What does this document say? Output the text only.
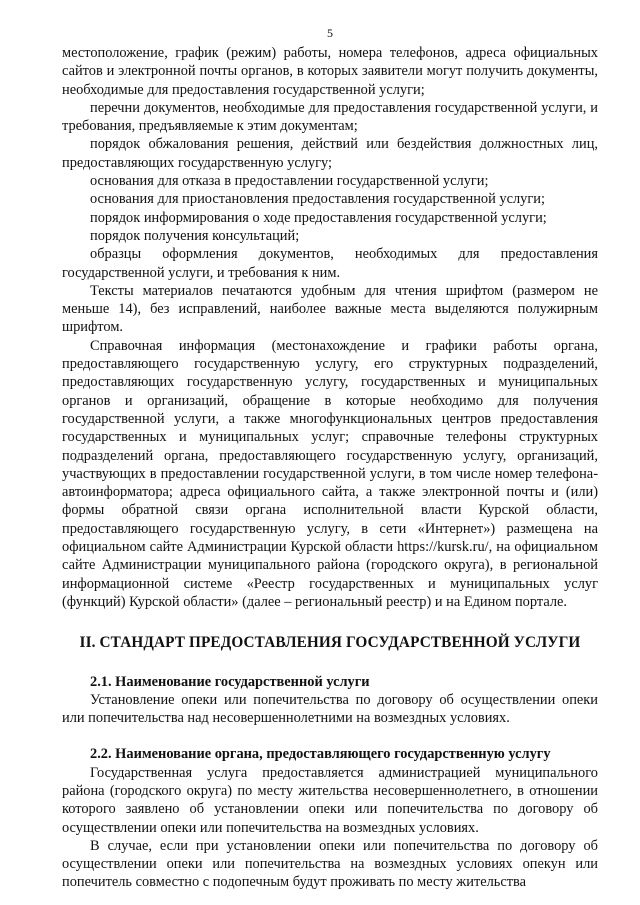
5

местоположение, график (режим) работы, номера телефонов, адреса официальных сайтов и электронной почты органов, в которых заявители могут получить документы, необходимые для предоставления государственной услуги;

перечни документов, необходимые для предоставления государственной услуги, и требования, предъявляемые к этим документам;

порядок обжалования решения, действий или бездействия должностных лиц, предоставляющих государственную услугу;

основания для отказа в предоставлении государственной услуги;

основания для приостановления предоставления государственной услуги;

порядок информирования о ходе предоставления государственной услуги;

порядок получения консультаций;

образцы оформления документов, необходимых для предоставления государственной услуги, и требования к ним.

Тексты материалов печатаются удобным для чтения шрифтом (размером не меньше 14), без исправлений, наиболее важные места выделяются полужирным шрифтом.

Справочная информация (местонахождение и графики работы органа, предоставляющего государственную услугу, его структурных подразделений, предоставляющих государственную услугу, государственных и муниципальных органов и организаций, обращение в которые необходимо для получения государственной услуги, а также многофункциональных центров предоставления государственных и муниципальных услуг; справочные телефоны структурных подразделений органа, предоставляющего государственную услугу, организаций, участвующих в предоставлении государственной услуги, в том числе номер телефона-автоинформатора; адреса официального сайта, а также электронной почты и (или) формы обратной связи органа исполнительной власти Курской области, предоставляющего государственную услугу, в сети «Интернет») размещена на официальном сайте Администрации Курской области https://kursk.ru/, на официальном сайте Администрации муниципального района (городского округа), в региональной информационной системе «Реестр государственных и муниципальных услуг (функций) Курской области» (далее – региональный реестр) и на Едином портале.

II. СТАНДАРТ ПРЕДОСТАВЛЕНИЯ ГОСУДАРСТВЕННОЙ УСЛУГИ
2.1. Наименование государственной услуги

Установление опеки или попечительства по договору об осуществлении опеки или попечительства над несовершеннолетними на возмездных условиях.

2.2. Наименование органа, предоставляющего государственную услугу

Государственная услуга предоставляется администрацией муниципального района (городского округа) по месту жительства несовершеннолетнего, в отношении которого заявлено об установлении опеки или попечительства по договору об осуществлении опеки или попечительства на возмездных условиях.

В случае, если при установлении опеки или попечительства по договору об осуществлении опеки или попечительства на возмездных условиях опекун или попечитель совместно с подопечным будут проживать по месту жительства
